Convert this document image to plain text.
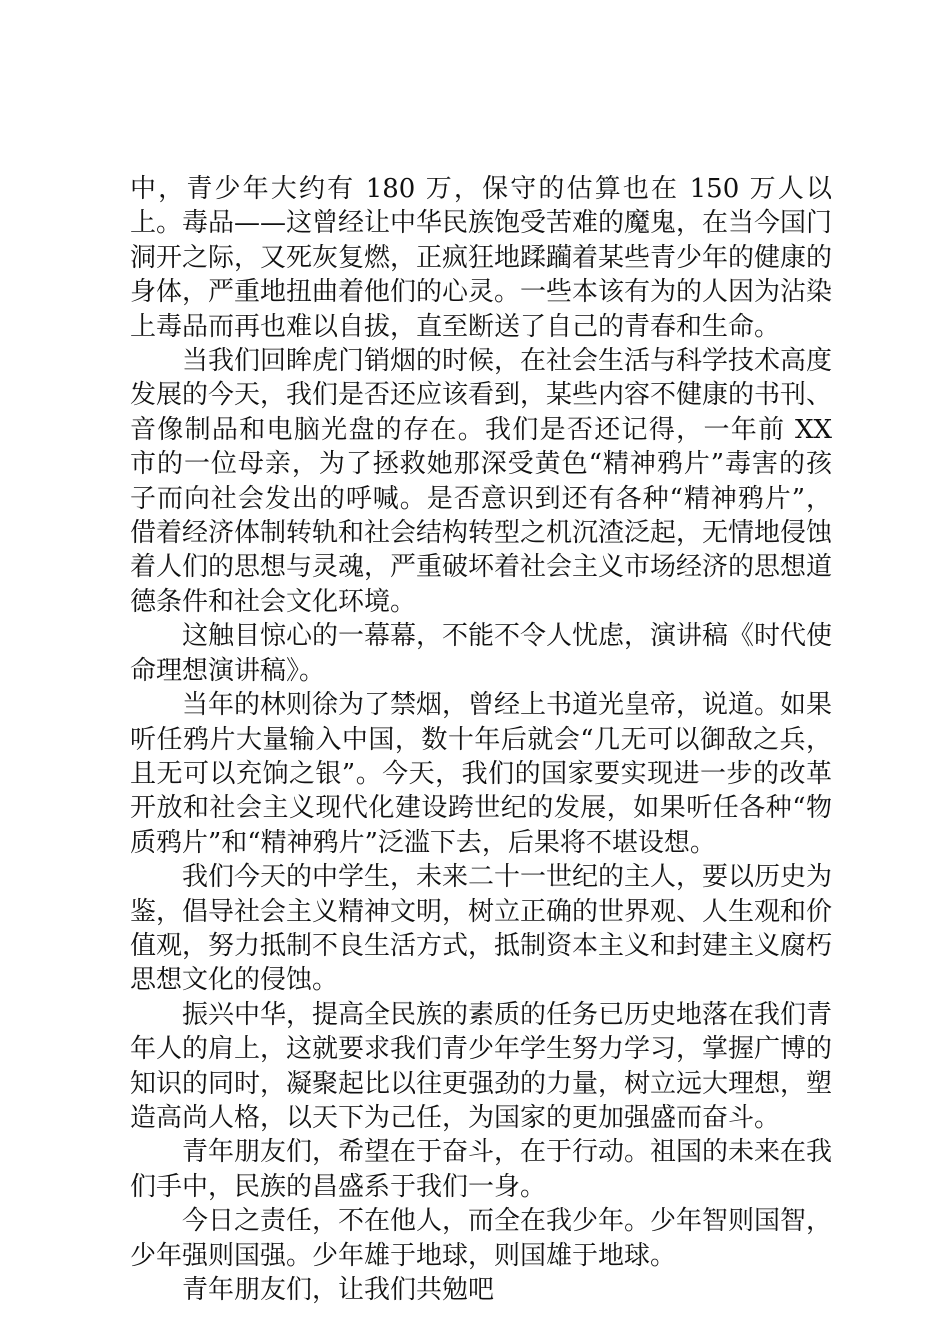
中，青少年大约有 180 万，保守的估算也在 150 万人以上。毒品——这曾经让中华民族饱受苦难的魔鬼，在当今国门洞开之际，又死灰复燃，正疯狂地蹂躏着某些青少年的健康的身体，严重地扭曲着他们的心灵。一些本该有为的人因为沾染上毒品而再也难以自拔，直至断送了自己的青春和生命。

当我们回眸虎门销烟的时候，在社会生活与科学技术高度发展的今天，我们是否还应该看到，某些内容不健康的书刊、音像制品和电脑光盘的存在。我们是否还记得，一年前 XX 市的一位母亲，为了拯救她那深受黄色“精神鸦片”毒害的孩子而向社会发出的呼喊。是否意识到还有各种“精神鸦片”，借着经济体制转轨和社会结构转型之机沉渣泛起，无情地侵蚀着人们的思想与灵魂，严重破坏着社会主义市场经济的思想道德条件和社会文化环境。

这触目惊心的一幕幕，不能不令人忧虑，演讲稿《时代使命理想演讲稿》。

当年的林则徐为了禁烟，曾经上书道光皇帝，说道。如果听任鸦片大量输入中国，数十年后就会“几无可以御敌之兵，且无可以充饷之银”。今天，我们的国家要实现进一步的改革开放和社会主义现代化建设跨世纪的发展，如果听任各种“物质鸦片”和“精神鸦片”泛滥下去，后果将不堪设想。

我们今天的中学生，未来二十一世纪的主人，要以历史为鉴，倡导社会主义精神文明，树立正确的世界观、人生观和价值观，努力抵制不良生活方式，抵制资本主义和封建主义腐朽思想文化的侵蚀。

振兴中华，提高全民族的素质的任务已历史地落在我们青年人的肩上，这就要求我们青少年学生努力学习，掌握广博的知识的同时，凝聚起比以往更强劲的力量，树立远大理想，塑造高尚人格，以天下为己任，为国家的更加强盛而奋斗。

青年朋友们，希望在于奋斗，在于行动。祖国的未来在我们手中，民族的昌盛系于我们一身。

今日之责任，不在他人，而全在我少年。少年智则国智，少年强则国强。少年雄于地球，则国雄于地球。

青年朋友们，让我们共勉吧
